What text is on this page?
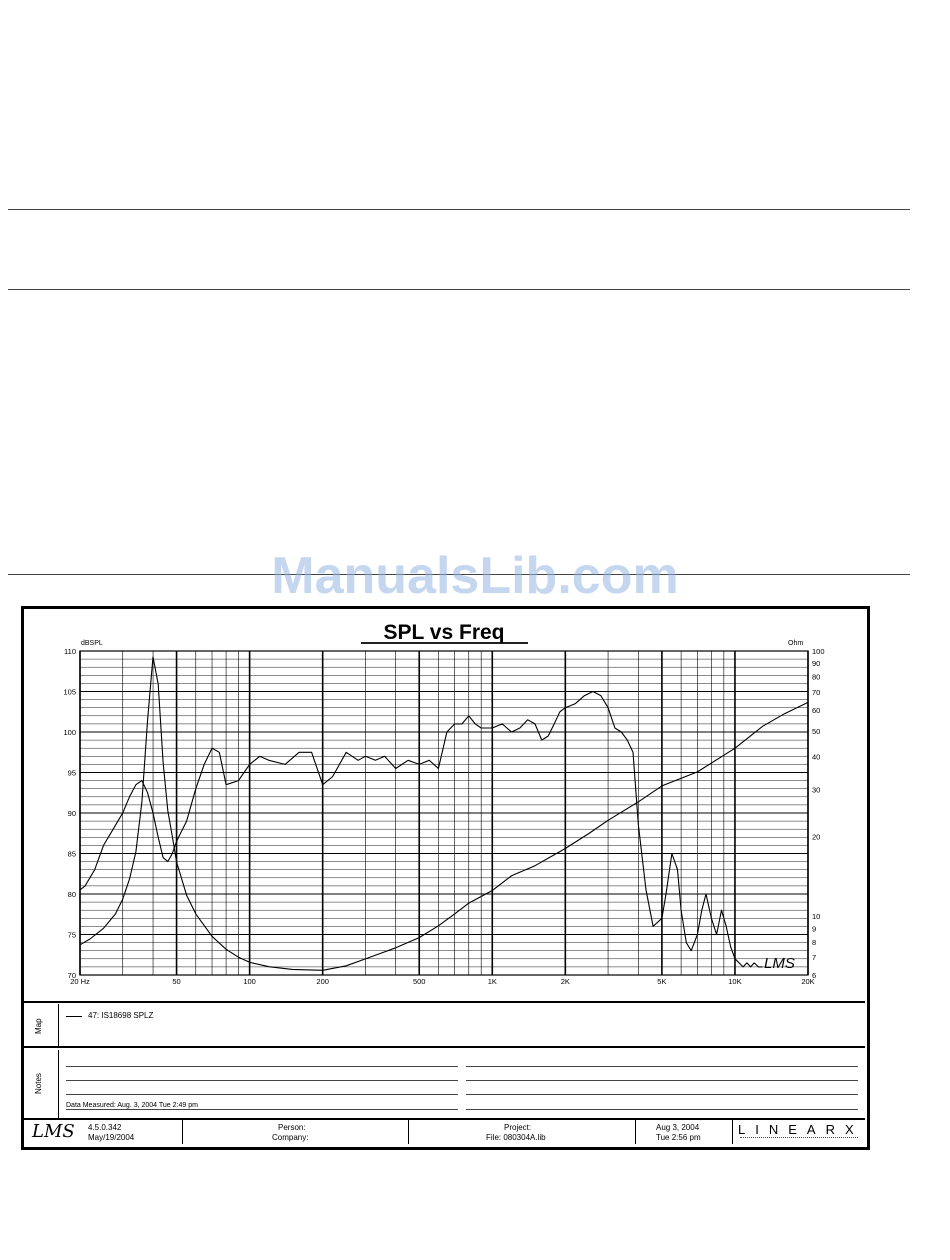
ManualsLib.com
SPL vs Freq
dBSPL	Ohm
20 Hz	50	100	200	500	1K	2K	5K	10K	20K
70
75
80
85
90
95
100
105
110
6
7
8
9
10
20
30
40
50
60
70
80
90
100
LMS
Map
47: IS18698 SPLZ
Notes
Data Measured: Aug. 3, 2004 Tue 2:49 pm
LMS 4.5.0.342
May/19/2004
Person:
Company:
Project:
File: 080304A.lib
Aug 3, 2004
Tue 2:56 pm
LINEARX
